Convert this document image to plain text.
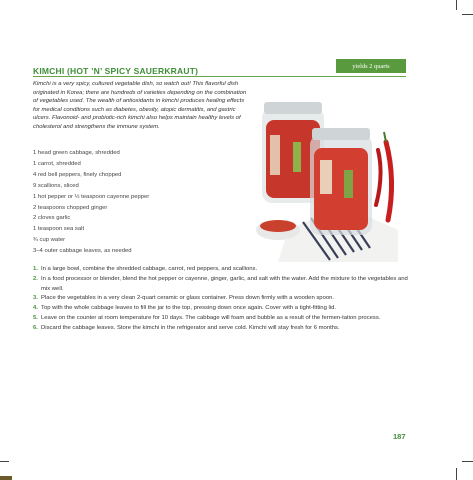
yields 2 quarts
KIMCHI (HOT ’N’ SPICY SAUERKRAUT)

Kimchi is a very spicy, cultured vegetable dish, so watch out! This flavorful dish originated in Korea; there are hundreds of varieties depending on the combination of vegetables used. The wealth of antioxidants in kimchi produces healing effects for medical conditions such as diabetes, obesity, atopic dermatitis, and gastric ulcers. Flavonoid- and probiotic-rich kimchi also helps maintain healthy levels of cholesterol and strengthens the immune system.

1 head green cabbage, shredded
1 carrot, shredded
4 red bell peppers, finely chopped
9 scallions, sliced
1 hot pepper or ½ teaspoon cayenne pepper
2 teaspoons chopped ginger
2 cloves garlic
1 teaspoon sea salt
¾ cup water
3–4 outer cabbage leaves, as needed
1. In a large bowl, combine the shredded cabbage, carrot, red peppers, and scallions.
2. In a food processor or blender, blend the hot pepper or cayenne, ginger, garlic, and salt with the water. Add the mixture to the vegetables and mix well.
3. Place the vegetables in a very clean 2-quart ceramic or glass container. Press down firmly with a wooden spoon.
4. Top with the whole cabbage leaves to fill the jar to the top, pressing down once again. Cover with a tight-fitting lid.
5. Leave on the counter at room temperature for 10 days. The cabbage will foam and bubble as a result of the fermen-tation process.
6. Discard the cabbage leaves. Store the kimchi in the refrigerator and serve cold. Kimchi will stay fresh for 6 months.
187
